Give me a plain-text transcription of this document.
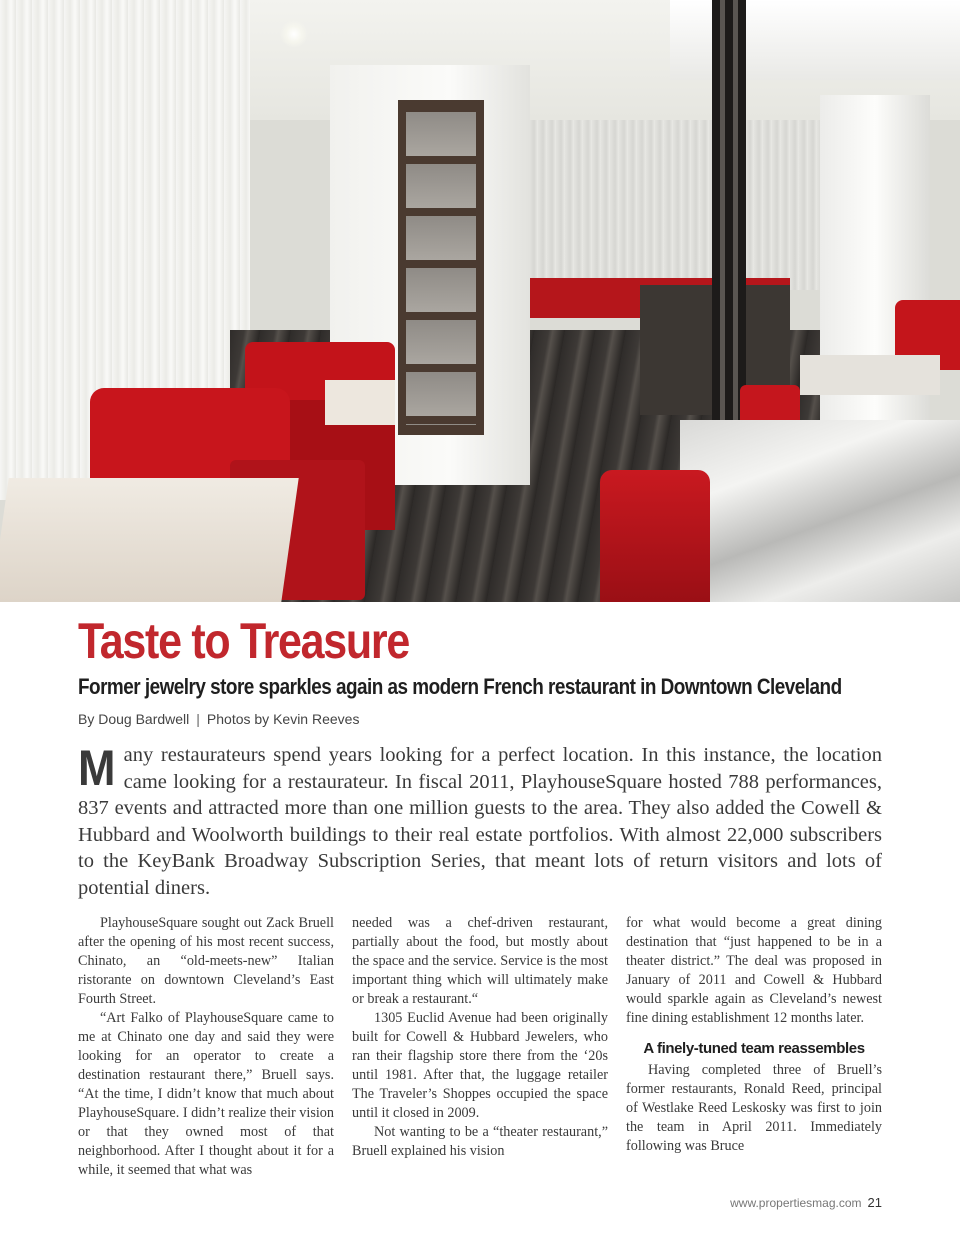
Taste to Treasure
Former jewelry store sparkles again as modern French restaurant in Downtown Cleveland
By Doug Bardwell | Photos by Kevin Reeves

Many restaurateurs spend years looking for a perfect location. In this instance, the location came looking for a restaurateur. In fiscal 2011, PlayhouseSquare hosted 788 performances, 837 events and attracted more than one million guests to the area. They also added the Cowell & Hubbard and Woolworth buildings to their real estate portfolios. With almost 22,000 subscribers to the KeyBank Broadway Subscription Series, that meant lots of return visitors and lots of potential diners.

PlayhouseSquare sought out Zack Bruell after the opening of his most recent success, Chinato, an “old-meets-new” Italian ristorante on downtown Cleveland’s East Fourth Street.

“Art Falko of PlayhouseSquare came to me at Chinato one day and said they were looking for an operator to create a destination restaurant there,” Bruell says. “At the time, I didn’t know that much about PlayhouseSquare. I didn’t realize their vision or that they owned most of that neighborhood. After I thought about it for a while, it seemed that what was

needed was a chef-driven restaurant, partially about the food, but mostly about the space and the service. Service is the most important thing which will ultimately make or break a restaurant.“

1305 Euclid Avenue had been originally built for Cowell & Hubbard Jewelers, who ran their flagship store there from the ‘20s until 1981. After that, the luggage retailer The Traveler’s Shoppes occupied the space until it closed in 2009.

Not wanting to be a “theater restaurant,” Bruell explained his vision

for what would become a great dining destination that “just happened to be in a theater district.” The deal was proposed in January of 2011 and Cowell & Hubbard would sparkle again as Cleveland’s newest fine dining establishment 12 months later.

A finely-tuned team reassembles

Having completed three of Bruell’s former restaurants, Ronald Reed, principal of Westlake Reed Leskosky was first to join the team in April 2011. Immediately following was Bruce

www.propertiesmag.com 21
